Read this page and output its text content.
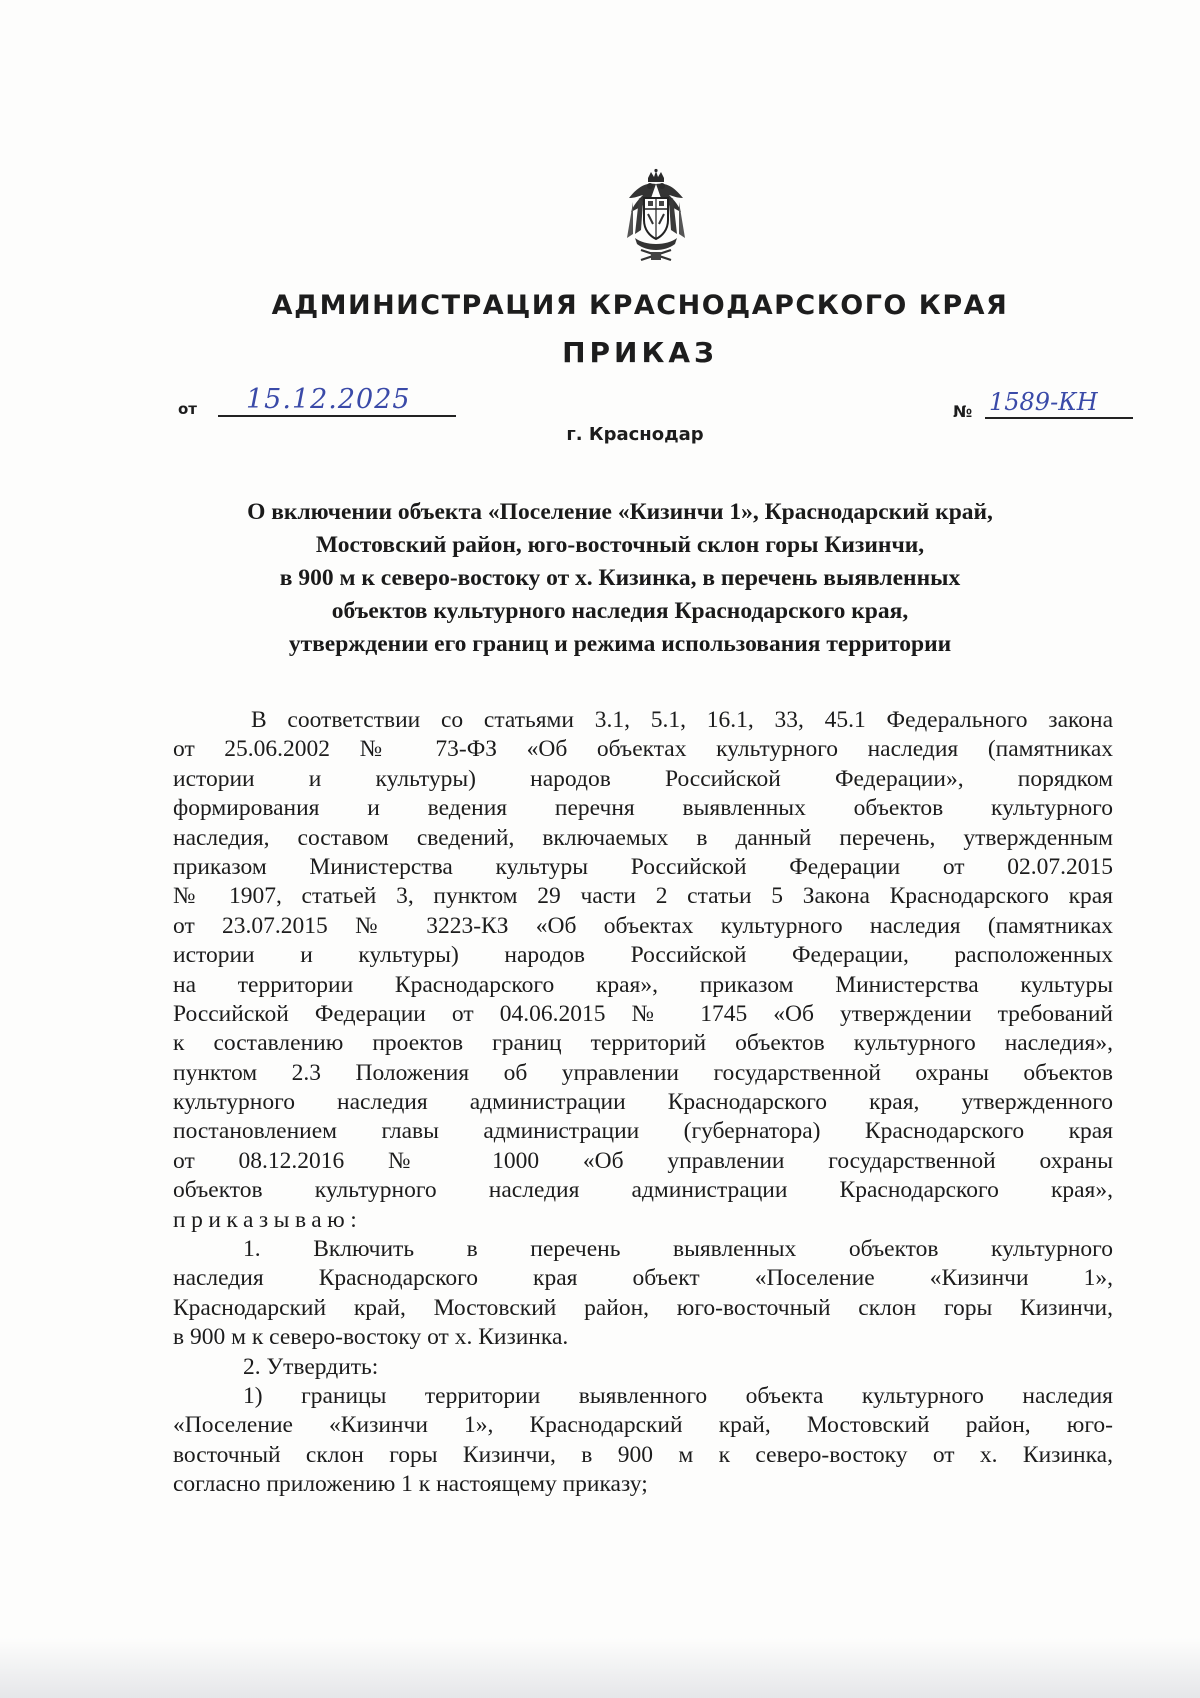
АДМИНИСТРАЦИЯ КРАСНОДАРСКОГО КРАЯ
ПРИКАЗ
от	15.12.2025
г. Краснодар
№ 1589-КН
О включении объекта «Поселение «Кизинчи 1», Краснодарский край,
Мостовский район, юго-восточный склон горы Кизинчи,
в 900 м к северо-востоку от х. Кизинка, в перечень выявленных
объектов культурного наследия Краснодарского края,
утверждении его границ и режима использования территории
В соответствии со статьями 3.1, 5.1, 16.1, 33, 45.1 Федерального закона
от 25.06.2002 № 73-ФЗ «Об объектах культурного наследия (памятниках
истории и культуры) народов Российской Федерации», порядком
формирования и ведения перечня выявленных объектов культурного
наследия, составом сведений, включаемых в данный перечень, утвержденным
приказом Министерства культуры Российской Федерации от 02.07.2015
№ 1907, статьей 3, пунктом 29 части 2 статьи 5 Закона Краснодарского края
от 23.07.2015 № 3223-КЗ «Об объектах культурного наследия (памятниках
истории и культуры) народов Российской Федерации, расположенных
на территории Краснодарского края», приказом Министерства культуры
Российской Федерации от 04.06.2015 № 1745 «Об утверждении требований
к составлению проектов границ территорий объектов культурного наследия»,
пунктом 2.3 Положения об управлении государственной охраны объектов
культурного наследия администрации Краснодарского края, утвержденного
постановлением главы администрации (губернатора) Краснодарского края
от 08.12.2016 № 1000 «Об управлении государственной охраны
объектов культурного наследия администрации Краснодарского края»,
приказываю:
1. Включить в перечень выявленных объектов культурного
наследия Краснодарского края объект «Поселение «Кизинчи 1»,
Краснодарский край, Мостовский район, юго-восточный склон горы Кизинчи,
в 900 м к северо-востоку от х. Кизинка.
2. Утвердить:
1) границы территории выявленного объекта культурного наследия
«Поселение «Кизинчи 1», Краснодарский край, Мостовский район, юго-
восточный склон горы Кизинчи, в 900 м к северо-востоку от х. Кизинка,
согласно приложению 1 к настоящему приказу;
